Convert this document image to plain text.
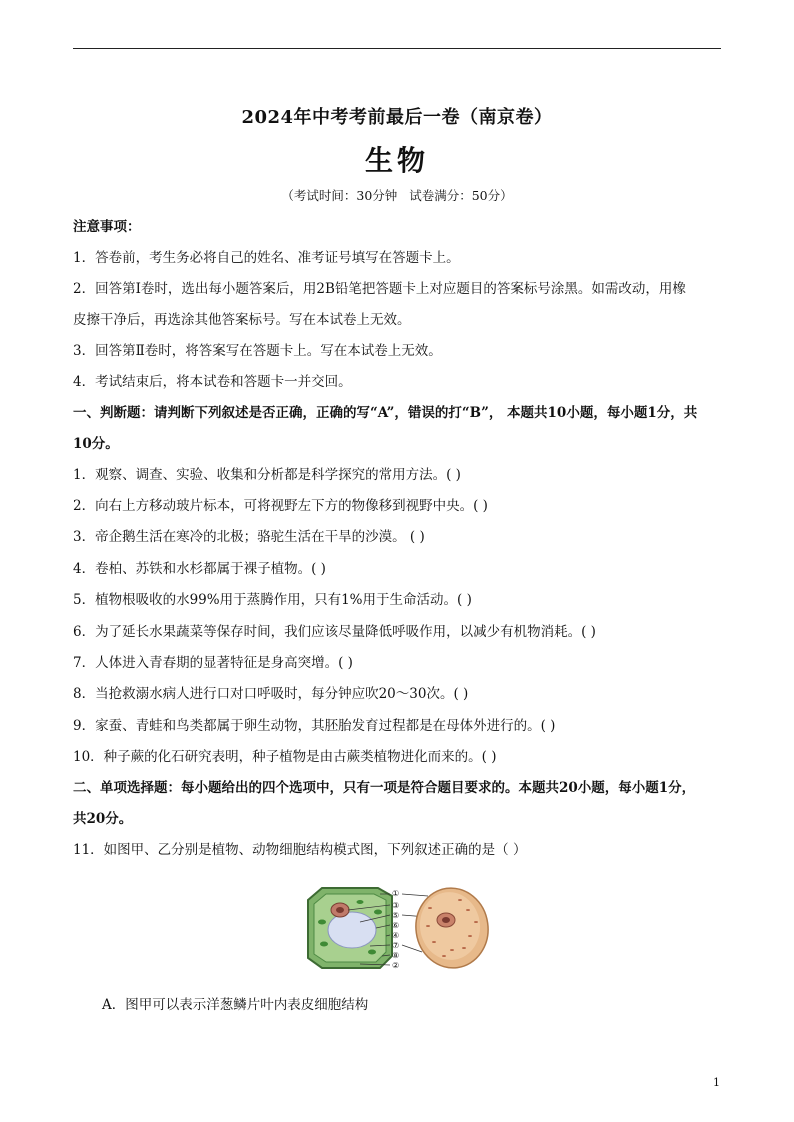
2024年中考考前最后一卷（南京卷）
生物
（考试时间：30分钟   试卷满分：50分）
注意事项：
1．答卷前，考生务必将自己的姓名、准考证号填写在答题卡上。
2．回答第Ⅰ卷时，选出每小题答案后，用2B铅笔把答题卡上对应题目的答案标号涂黑。如需改动，用橡
皮擦干净后，再选涂其他答案标号。写在本试卷上无效。
3．回答第Ⅱ卷时，将答案写在答题卡上。写在本试卷上无效。
4．考试结束后，将本试卷和答题卡一并交回。
一、判断题：请判断下列叙述是否正确，正确的写“A”，错误的打“B”， 本题共10小题，每小题1分，共
10分。
1．观察、调查、实验、收集和分析都是科学探究的常用方法。( )
2．向右上方移动玻片标本，可将视野左下方的物像移到视野中央。( )
3．帝企鹅生活在寒冷的北极；骆驼生活在干旱的沙漠。 ( )
4．卷柏、苏铁和水杉都属于裸子植物。( )
5．植物根吸收的水99%用于蒸腾作用，只有1%用于生命活动。( )
6．为了延长水果蔬菜等保存时间，我们应该尽量降低呼吸作用，以减少有机物消耗。( )
7．人体进入青春期的显著特征是身高突增。( )
8．当抢救溺水病人进行口对口呼吸时，每分钟应吹20～30次。( )
9．家蚕、青蛙和鸟类都属于卵生动物，其胚胎发育过程都是在母体外进行的。( )
10．种子蕨的化石研究表明，种子植物是由古蕨类植物进化而来的。( )
二、单项选择题：每小题给出的四个选项中，只有一项是符合题目要求的。本题共20小题，每小题1分，
共20分。
11．如图甲、乙分别是植物、动物细胞结构模式图，下列叙述正确的是（ ）
①
③
⑤
⑥
④
⑦
⑧
②
A．图甲可以表示洋葱鳞片叶内表皮细胞结构
1
